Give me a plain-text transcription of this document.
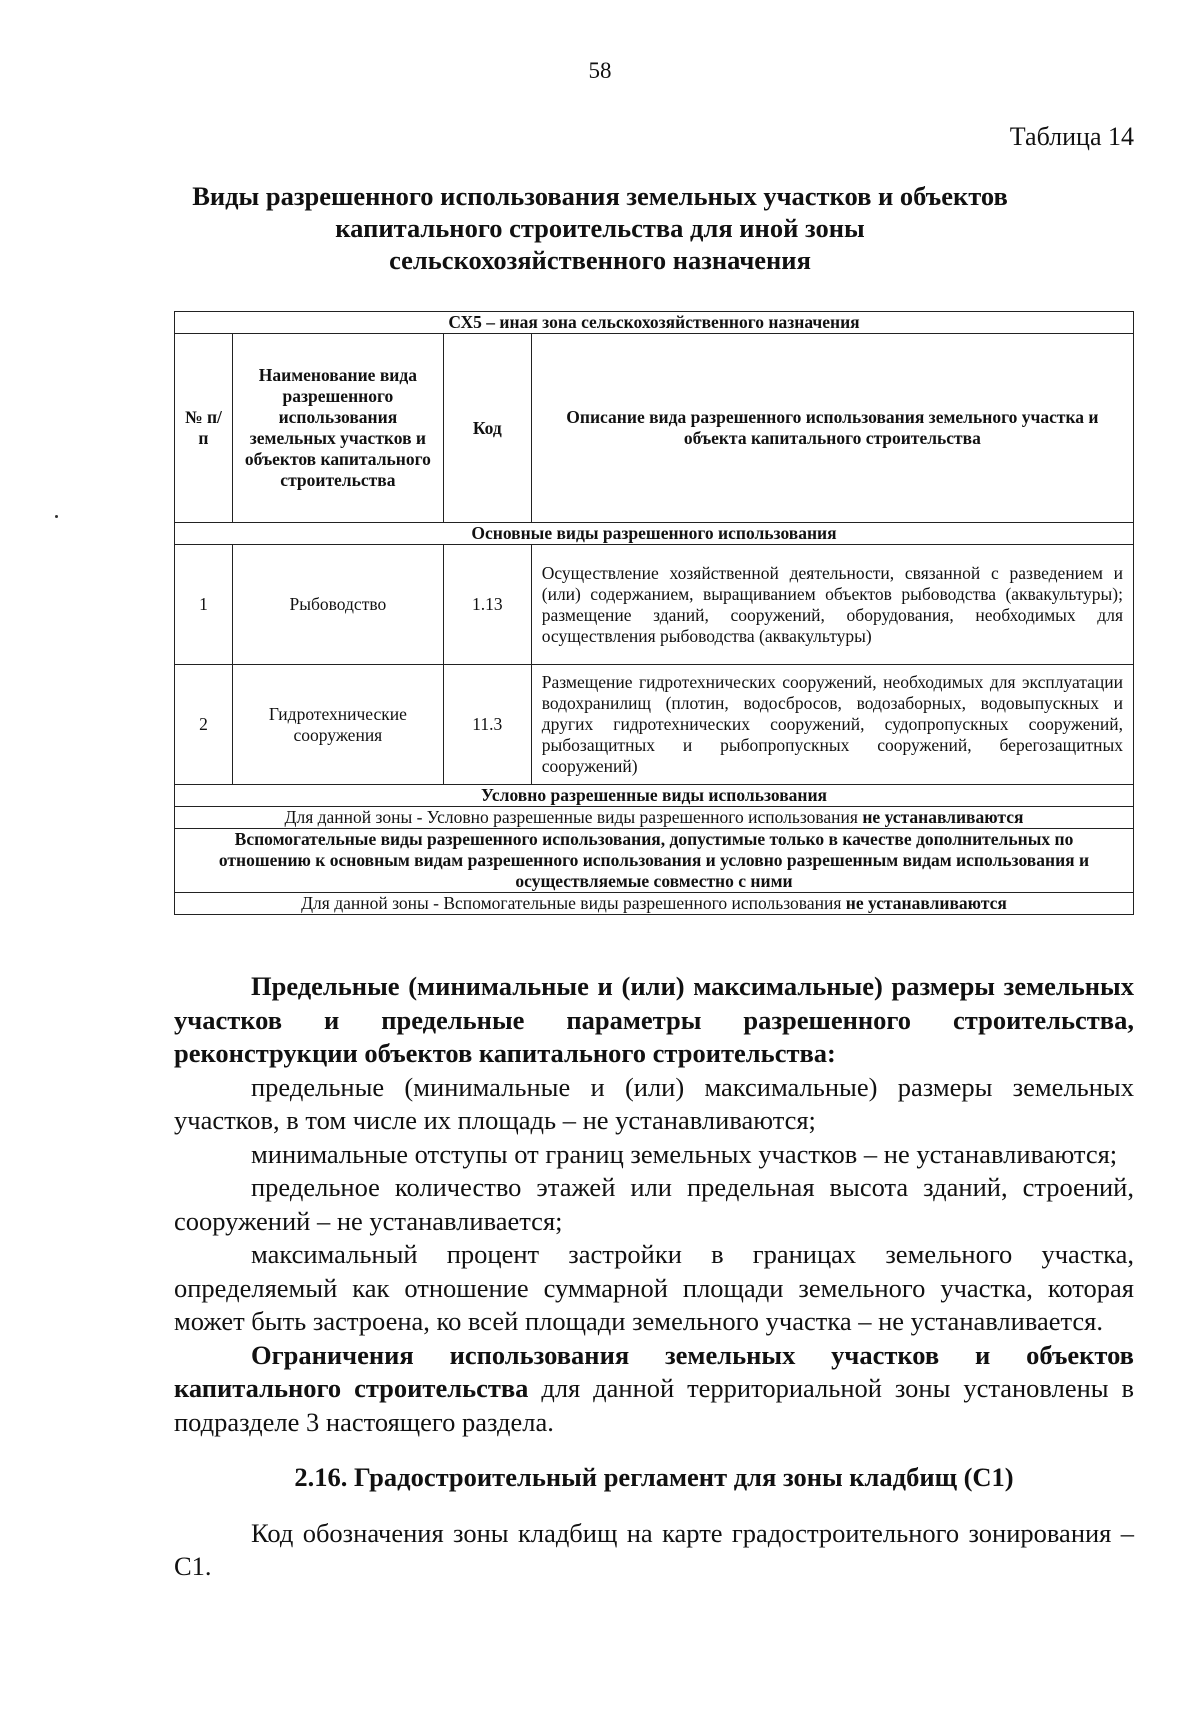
58
Таблица 14
Виды разрешенного использования земельных участков и объектов
капитального строительства для иной зоны
сельскохозяйственного назначения
СХ5 – иная зона сельскохозяйственного назначения			
№ п/п	Наименование вида разрешенного использования земельных участков и объектов капитального строительства	Код	Описание вида разрешенного использования земельного участка и объекта капитального строительства
Основные виды разрешенного использования			
1	Рыбоводство	1.13	Осуществление хозяйственной деятельности, связанной с разведением и (или) содержанием, выращиванием объектов рыбоводства (аквакультуры); размещение зданий, сооружений, оборудования, необходимых для осуществления рыбоводства (аквакультуры)
2	Гидротехнические сооружения	11.3	Размещение гидротехнических сооружений, необходимых для эксплуатации водохранилищ (плотин, водосбросов, водозаборных, водовыпускных и других гидротехнических сооружений, судопропускных сооружений, рыбозащитных и рыбопропускных сооружений, берегозащитных сооружений)
Условно разрешенные виды использования			
Для данной зоны - Условно разрешенные виды разрешенного использования не устанавливаются			
Вспомогательные виды разрешенного использования, допустимые только в качестве дополнительных по отношению к основным видам разрешенного использования и условно разрешенным видам использования и осуществляемые совместно с ними			
Для данной зоны - Вспомогательные виды разрешенного использования не устанавливаются			

Предельные (минимальные и (или) максимальные) размеры земельных участков и предельные параметры разрешенного строительства, реконструкции объектов капитального строительства:

предельные (минимальные и (или) максимальные) размеры земельных участков, в том числе их площадь – не устанавливаются;

минимальные отступы от границ земельных участков – не устанавливаются;

предельное количество этажей или предельная высота зданий, строений, сооружений – не устанавливается;

максимальный процент застройки в границах земельного участка, определяемый как отношение суммарной площади земельного участка, которая может быть застроена, ко всей площади земельного участка – не устанавливается.

Ограничения использования земельных участков и объектов капитального строительства для данной территориальной зоны установлены в подразделе 3 настоящего раздела.

2.16. Градостроительный регламент для зоны кладбищ (С1)

Код обозначения зоны кладбищ на карте градостроительного зонирования – С1.
